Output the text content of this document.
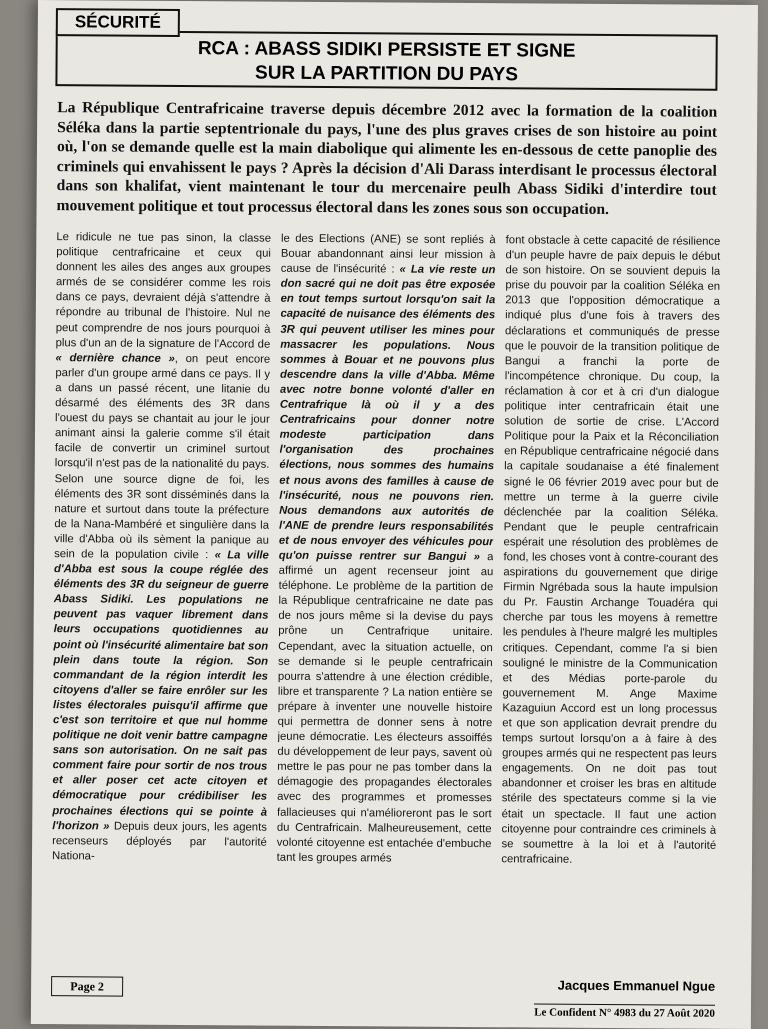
SÉCURITÉ
RCA : ABASS SIDIKI PERSISTE ET SIGNE
SUR LA PARTITION DU PAYS
La République Centrafricaine traverse depuis décembre 2012 avec la formation de la coalition Séléka dans la partie septentrionale du pays, l'une des plus graves crises de son histoire au point où, l'on se demande quelle est la main diabolique qui alimente les en-dessous de cette panoplie des criminels qui envahissent le pays ? Après la décision d'Ali Darass interdisant le processus électoral dans son khalifat, vient maintenant le tour du mercenaire peulh Abass Sidiki d'interdire tout mouvement politique et tout processus électoral dans les zones sous son occupation.

Le ridicule ne tue pas sinon, la classe politique centrafricaine et ceux qui donnent les ailes des anges aux groupes armés de se considérer comme les rois dans ce pays, devraient déjà s'attendre à répondre au tribunal de l'histoire. Nul ne peut comprendre de nos jours pourquoi à plus d'un an de la signature de l'Accord de « dernière chance », on peut encore parler d'un groupe armé dans ce pays. Il y a dans un passé récent, une litanie du désarmé des éléments des 3R dans l'ouest du pays se chantait au jour le jour animant ainsi la galerie comme s'il était facile de convertir un criminel surtout lorsqu'il n'est pas de la nationalité du pays. Selon une source digne de foi, les éléments des 3R sont disséminés dans la nature et surtout dans toute la préfecture de la Nana-Mambéré et singulière dans la ville d'Abba où ils sèment la panique au sein de la population civile : « La ville d'Abba est sous la coupe réglée des éléments des 3R du seigneur de guerre Abass Sidiki. Les populations ne peuvent pas vaquer librement dans leurs occupations quotidiennes au point où l'insécurité alimentaire bat son plein dans toute la région. Son commandant de la région interdit les citoyens d'aller se faire enrôler sur les listes électorales puisqu'il affirme que c'est son territoire et que nul homme politique ne doit venir battre campagne sans son autorisation. On ne sait pas comment faire pour sortir de nos trous et aller poser cet acte citoyen et démocratique pour crédibiliser les prochaines élections qui se pointe à l'horizon » Depuis deux jours, les agents recenseurs déployés par l'autorité Nationa-

le des Elections (ANE) se sont repliés à Bouar abandonnant ainsi leur mission à cause de l'insécurité : « La vie reste un don sacré qui ne doit pas être exposée en tout temps surtout lorsqu'on sait la capacité de nuisance des éléments des 3R qui peuvent utiliser les mines pour massacrer les populations. Nous sommes à Bouar et ne pouvons plus descendre dans la ville d'Abba. Même avec notre bonne volonté d'aller en Centrafrique là où il y a des Centrafricains pour donner notre modeste participation dans l'organisation des prochaines élections, nous sommes des humains et nous avons des familles à cause de l'insécurité, nous ne pouvons rien. Nous demandons aux autorités de l'ANE de prendre leurs responsabilités et de nous envoyer des véhicules pour qu'on puisse rentrer sur Bangui » a affirmé un agent recenseur joint au téléphone. Le problème de la partition de la République centrafricaine ne date pas de nos jours même si la devise du pays prône un Centrafrique unitaire. Cependant, avec la situation actuelle, on se demande si le peuple centrafricain pourra s'attendre à une élection crédible, libre et transparente ? La nation entière se prépare à inventer une nouvelle histoire qui permettra de donner sens à notre jeune démocratie. Les électeurs assoiffés du développement de leur pays, savent où mettre le pas pour ne pas tomber dans la démagogie des propagandes électorales avec des programmes et promesses fallacieuses qui n'amélioreront pas le sort du Centrafricain. Malheureusement, cette volonté citoyenne est entachée d'embuche tant les groupes armés

font obstacle à cette capacité de résilience d'un peuple havre de paix depuis le début de son histoire. On se souvient depuis la prise du pouvoir par la coalition Séléka en 2013 que l'opposition démocratique a indiqué plus d'une fois à travers des déclarations et communiqués de presse que le pouvoir de la transition politique de Bangui a franchi la porte de l'incompétence chronique. Du coup, la réclamation à cor et à cri d'un dialogue politique inter centrafricain était une solution de sortie de crise. L'Accord Politique pour la Paix et la Réconciliation en République centrafricaine négocié dans la capitale soudanaise a été finalement signé le 06 février 2019 avec pour but de mettre un terme à la guerre civile déclenchée par la coalition Séléka. Pendant que le peuple centrafricain espérait une résolution des problèmes de fond, les choses vont à contre-courant des aspirations du gouvernement que dirige Firmin Ngrébada sous la haute impulsion du Pr. Faustin Archange Touadéra qui cherche par tous les moyens à remettre les pendules à l'heure malgré les multiples critiques. Cependant, comme l'a si bien souligné le ministre de la Communication et des Médias porte-parole du gouvernement M. Ange Maxime Kazaguiun Accord est un long processus et que son application devrait prendre du temps surtout lorsqu'on a à faire à des groupes armés qui ne respectent pas leurs engagements. On ne doit pas tout abandonner et croiser les bras en altitude stérile des spectateurs comme si la vie était un spectacle. Il faut une action citoyenne pour contraindre ces criminels à se soumettre à la loi et à l'autorité centrafricaine.

Page 2	Jacques Emmanuel Ngue
Le Confident N° 4983 du 27 Août 2020
